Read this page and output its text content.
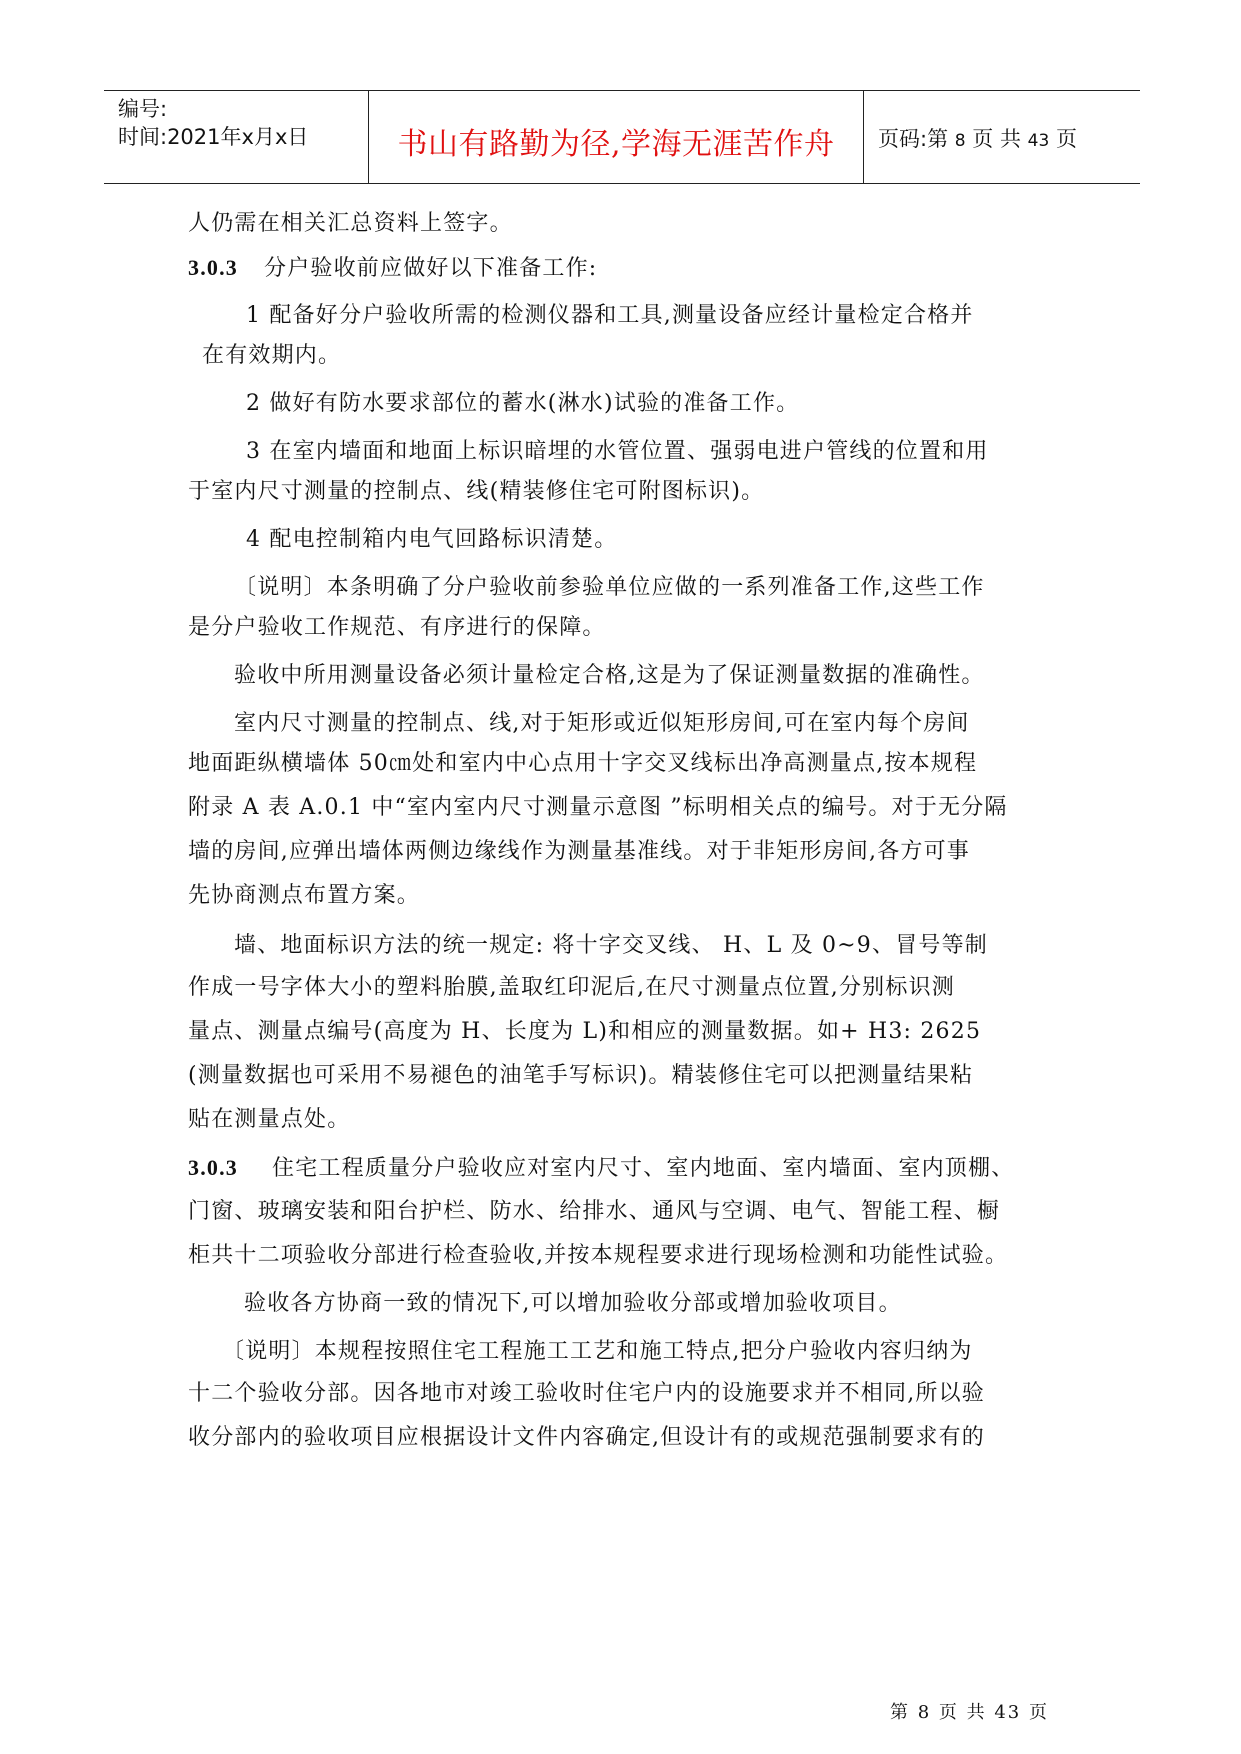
编号:
时间:2021年x月x日	书山有路勤为径,学海无涯苦作舟	页码:第 8 页 共 43 页
人仍需在相关汇总资料上签字。
3.0.3 分户验收前应做好以下准备工作:
1 配备好分户验收所需的检测仪器和工具,测量设备应经计量检定合格并
在有效期内。
2 做好有防水要求部位的蓄水(淋水)试验的准备工作。
3 在室内墙面和地面上标识暗埋的水管位置、强弱电进户管线的位置和用
于室内尺寸测量的控制点、线(精装修住宅可附图标识)。
4 配电控制箱内电气回路标识清楚。
〔说明〕本条明确了分户验收前参验单位应做的一系列准备工作,这些工作
是分户验收工作规范、有序进行的保障。
验收中所用测量设备必须计量检定合格,这是为了保证测量数据的准确性。
室内尺寸测量的控制点、线,对于矩形或近似矩形房间,可在室内每个房间
地面距纵横墙体 50㎝处和室内中心点用十字交叉线标出净高测量点,按本规程
附录 A 表 A.0.1 中“室内室内尺寸测量示意图 ”标明相关点的编号。对于无分隔
墙的房间,应弹出墙体两侧边缘线作为测量基准线。对于非矩形房间,各方可事
先协商测点布置方案。
墙、地面标识方法的统一规定: 将十字交叉线、 H、L 及 0~9、冒号等制
作成一号字体大小的塑料胎膜,盖取红印泥后,在尺寸测量点位置,分别标识测
量点、测量点编号(高度为 H、长度为 L)和相应的测量数据。如+ H3: 2625
(测量数据也可采用不易褪色的油笔手写标识)。精装修住宅可以把测量结果粘
贴在测量点处。
3.0.3 住宅工程质量分户验收应对室内尺寸、室内地面、室内墙面、室内顶棚、
门窗、玻璃安装和阳台护栏、防水、给排水、通风与空调、电气、智能工程、橱
柜共十二项验收分部进行检查验收,并按本规程要求进行现场检测和功能性试验。
验收各方协商一致的情况下,可以增加验收分部或增加验收项目。
〔说明〕本规程按照住宅工程施工工艺和施工特点,把分户验收内容归纳为
十二个验收分部。因各地市对竣工验收时住宅户内的设施要求并不相同,所以验
收分部内的验收项目应根据设计文件内容确定,但设计有的或规范强制要求有的
第 8 页 共 43 页
